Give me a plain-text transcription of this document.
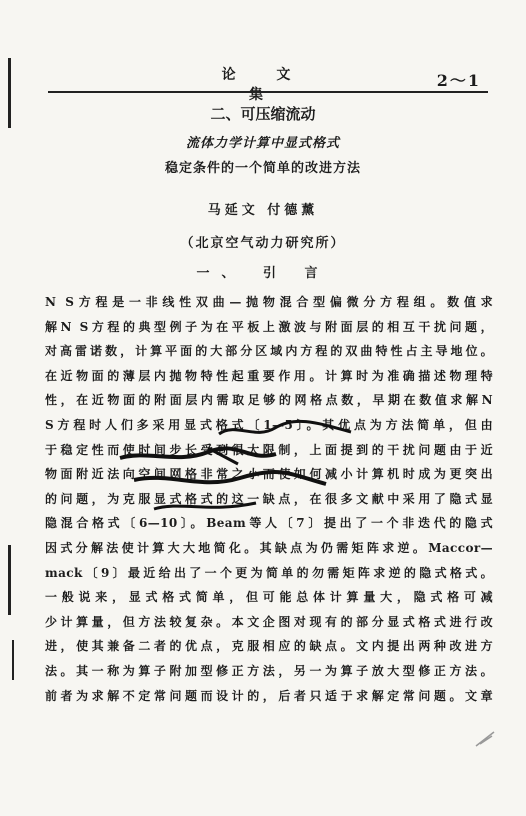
论 文 集
2～1
二、可压缩流动
流体力学计算中显式格式
稳定条件的一个简单的改进方法
马延文 付德薰
（北京空气动力研究所）
一、 引 言
N S方程是一非线性双曲—抛物混合型偏微分方程组。数值求
解N S方程的典型例子为在平板上激波与附面层的相互干扰问题，
对高雷诺数，计算平面的大部分区域内方程的双曲特性占主导地位。
在近物面的薄层内抛物特性起重要作用。计算时为准确描述物理特
性，在近物面的附面层内需取足够的网格点数，早期在数值求解N
S方程时人们多采用显式格式〔1—5〕。其优点为方法简单，但由
于稳定性而使时间步长受到很大限制，上面提到的干扰问题由于近
物面附近法向空间网格非常之小而使如何减小计算机时成为更突出
的问题，为克服显式格式的这一缺点，在很多文献中采用了隐式显
隐混合格式〔6—10〕。Beam等人〔7〕提出了一个非迭代的隐式
因式分解法使计算大大地简化。其缺点为仍需矩阵求逆。Maccor—
mack〔9〕最近给出了一个更为简单的勿需矩阵求逆的隐式格式。
一般说来，显式格式简单，但可能总体计算量大，隐式格可减
少计算量，但方法较复杂。本文企图对现有的部分显式格式进行改
进，使其兼备二者的优点，克服相应的缺点。文内提出两种改进方
法。其一称为算子附加型修正方法，另一为算子放大型修正方法。
前者为求解不定常问题而设计的，后者只适于求解定常问题。文章
